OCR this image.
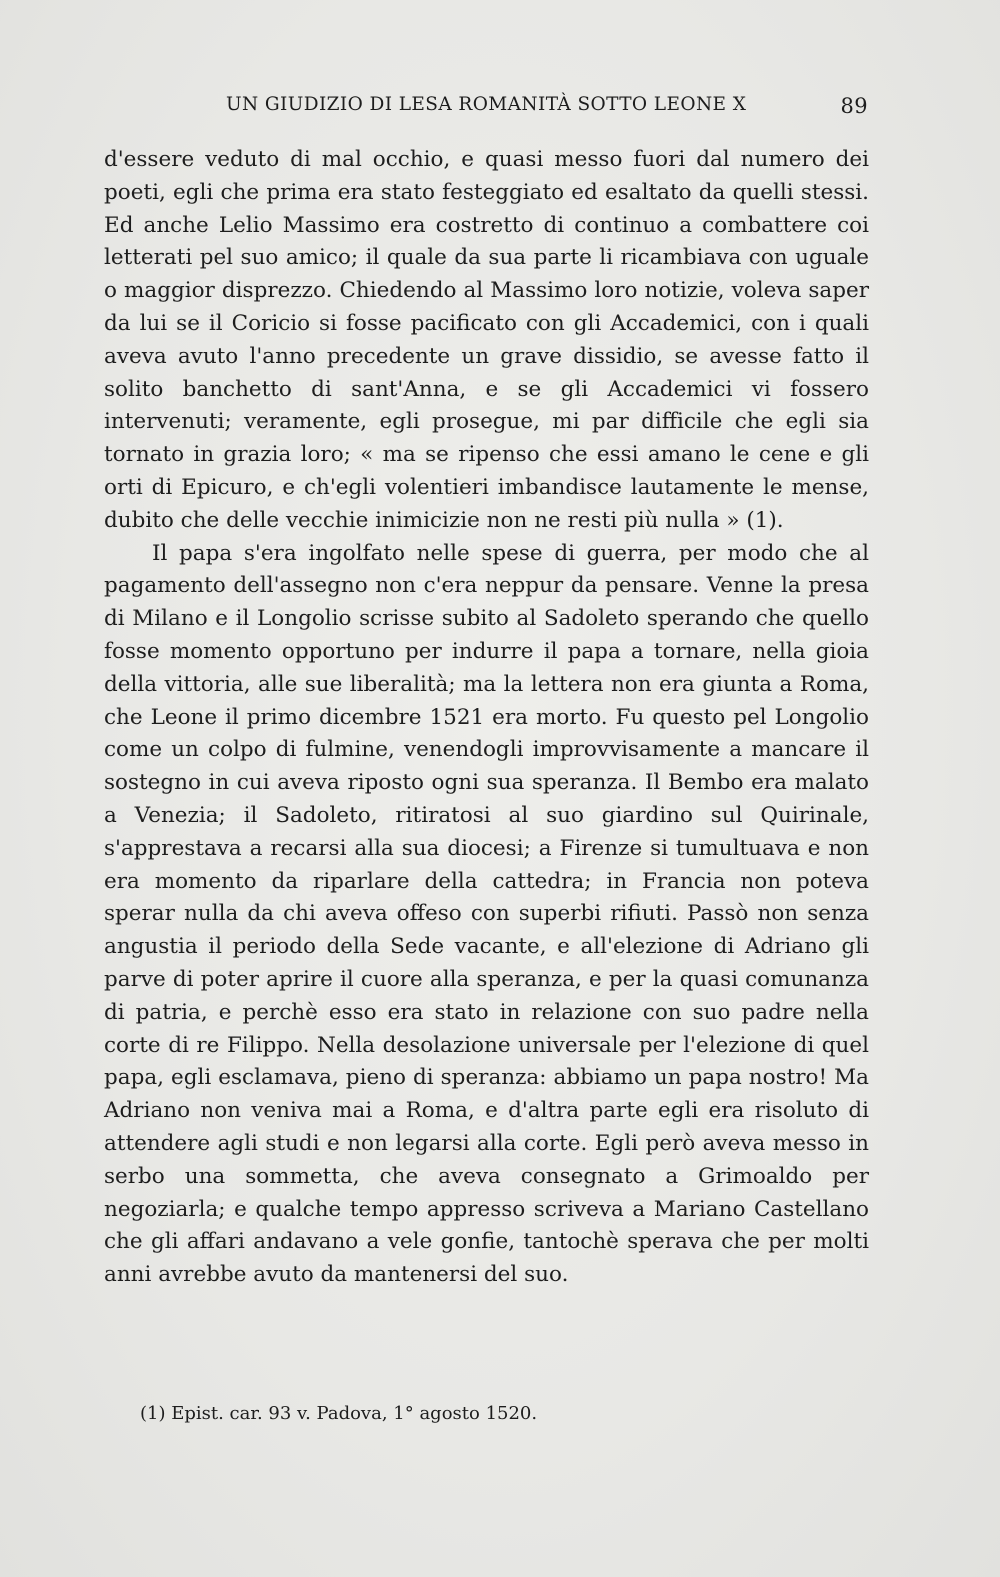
UN GIUDIZIO DI LESA ROMANITÀ SOTTO LEONE X	89

d'essere veduto di mal occhio, e quasi messo fuori dal numero dei poeti, egli che prima era stato festeggiato ed esaltato da quelli stessi. Ed anche Lelio Massimo era costretto di continuo a combattere coi letterati pel suo amico; il quale da sua parte li ricambiava con uguale o maggior disprezzo. Chiedendo al Massimo loro notizie, voleva saper da lui se il Coricio si fosse pacificato con gli Accademici, con i quali aveva avuto l'anno precedente un grave dissidio, se avesse fatto il solito banchetto di sant'Anna, e se gli Accademici vi fossero intervenuti; veramente, egli prosegue, mi par difficile che egli sia tornato in grazia loro; « ma se ripenso che essi amano le cene e gli orti di Epicuro, e ch'egli volentieri imbandisce lautamente le mense, dubito che delle vecchie inimicizie non ne resti più nulla » (1).

Il papa s'era ingolfato nelle spese di guerra, per modo che al pagamento dell'assegno non c'era neppur da pensare. Venne la presa di Milano e il Longolio scrisse subito al Sadoleto sperando che quello fosse momento opportuno per indurre il papa a tornare, nella gioia della vittoria, alle sue liberalità; ma la lettera non era giunta a Roma, che Leone il primo dicembre 1521 era morto. Fu questo pel Longolio come un colpo di fulmine, venendogli improvvisamente a mancare il sostegno in cui aveva riposto ogni sua speranza. Il Bembo era malato a Venezia; il Sadoleto, ritiratosi al suo giardino sul Quirinale, s'apprestava a recarsi alla sua diocesi; a Firenze si tumultuava e non era momento da riparlare della cattedra; in Francia non poteva sperar nulla da chi aveva offeso con superbi rifiuti. Passò non senza angustia il periodo della Sede vacante, e all'elezione di Adriano gli parve di poter aprire il cuore alla speranza, e per la quasi comunanza di patria, e perchè esso era stato in relazione con suo padre nella corte di re Filippo. Nella desolazione universale per l'elezione di quel papa, egli esclamava, pieno di speranza: abbiamo un papa nostro! Ma Adriano non veniva mai a Roma, e d'altra parte egli era risoluto di attendere agli studi e non legarsi alla corte. Egli però aveva messo in serbo una sommetta, che aveva consegnato a Grimoaldo per negoziarla; e qualche tempo appresso scriveva a Mariano Castellano che gli affari andavano a vele gonfie, tantochè sperava che per molti anni avrebbe avuto da mantenersi del suo.

(1) Epist. car. 93 v. Padova, 1° agosto 1520.
